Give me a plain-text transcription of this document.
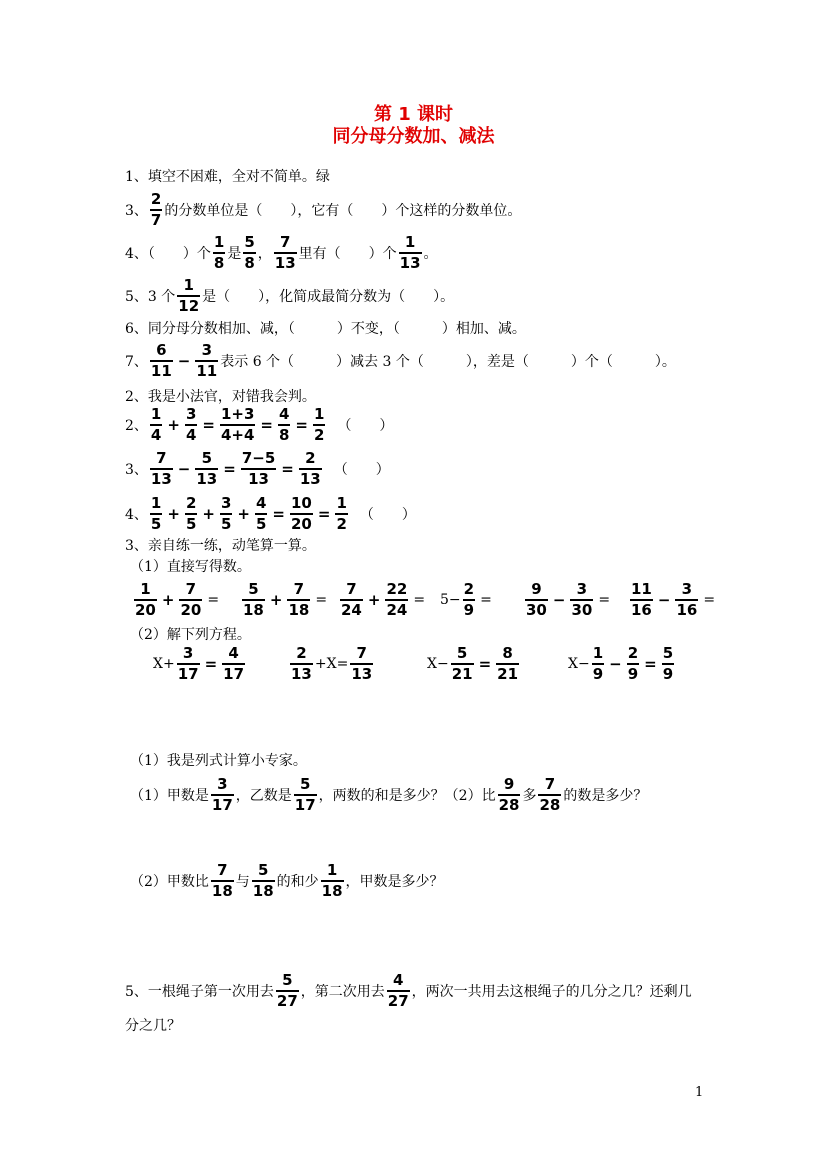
第 1 课时
同分母分数加、减法
1、填空不困难，全对不简单。绿
3、 $\frac{2}{7}$ 的分数单位是（　　），它有（　　）个这样的分数单位。
4、（　　）个 $\frac{1}{8}$ 是 $\frac{5}{8}$ ， $\frac{7}{13}$ 里有（　　）个 $\frac{1}{13}$ 。
5、3 个 $\frac{1}{12}$ 是（　　），化简成最简分数为（　　）。
6、同分母分数相加、减，（　　　）不变，（　　　）相加、减。
7、 $\frac{6}{11} - \frac{3}{11}$ 表示 6 个（　　　）减去 3 个（　　　），差是（　　　）个（　　　）。
2、我是小法官，对错我会判。
2、 $\frac{1}{4} + \frac{3}{4} = \frac{1+3}{4+4} = \frac{4}{8} = \frac{1}{2}$ （　　）
3、 $\frac{7}{13} - \frac{5}{13} = \frac{7-5}{13} = \frac{2}{13}$ （　　）
4、 $\frac{1}{5} + \frac{2}{5} + \frac{3}{5} + \frac{4}{5} = \frac{10}{20} = \frac{1}{2}$ （　　）
3、亲自练一练，动笔算一算。
（1）直接写得数。
$\frac{1}{20} + \frac{7}{20} = \frac{5}{18} + \frac{7}{18} = \frac{7}{24} + \frac{22}{24} = 5- \frac{2}{9} = \frac{9}{30} - \frac{3}{30} = \frac{11}{16} - \frac{3}{16}$ =
（2）解下列方程。
$X+ \frac{3}{17} = \frac{4}{17}$	$\frac{2}{13} +X= \frac{7}{13}$	$X- \frac{5}{21} = \frac{8}{21}$	$X- \frac{1}{9} - \frac{2}{9} = \frac{5}{9}$
（1）我是列式计算小专家。
（1）甲数是 $\frac{3}{17}$ ，乙数是 $\frac{5}{17}$ ，两数的和是多少？（2）比 $\frac{9}{28}$ 多 $\frac{7}{28}$ 的数是多少？
（2）甲数比 $\frac{7}{18}$ 与 $\frac{5}{18}$ 的和少 $\frac{1}{18}$ ，甲数是多少？
5、一根绳子第一次用去 $\frac{5}{27}$ ，第二次用去 $\frac{4}{27}$ ，两次一共用去这根绳子的几分之几？还剩几
分之几？
1
